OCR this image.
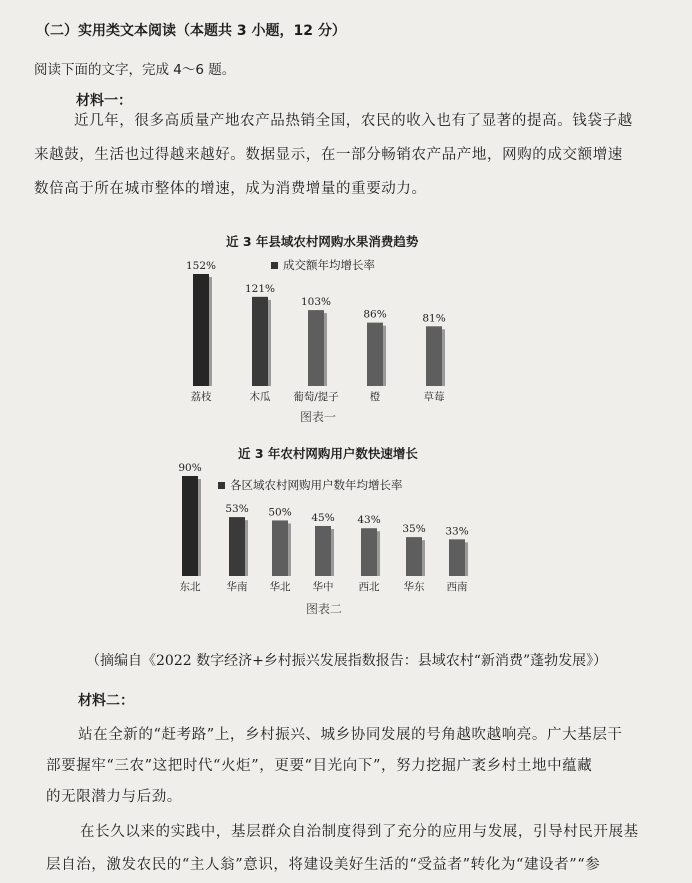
（二）实用类文本阅读（本题共 3 小题，12 分）
阅读下面的文字，完成 4～6 题。
材料一：
近几年，很多高质量产地农产品热销全国，农民的收入也有了显著的提高。钱袋子越
来越鼓，生活也过得越来越好。数据显示，在一部分畅销农产品产地，网购的成交额增速
数倍高于所在城市整体的增速，成为消费增量的重要动力。
近 3 年县域农村网购水果消费趋势
成交额年均增长率
152%
荔枝
121%
木瓜
103%
葡萄/提子
86%
橙
81%
草莓
图表一
近 3 年农村网购用户数快速增长
各区域农村网购用户数年均增长率
90%
东北
53%
华南
50%
华北
45%
华中
43%
西北
35%
华东
33%
西南
图表二
（摘编自《2022 数字经济+乡村振兴发展指数报告：县域农村“新消费”蓬勃发展》）
材料二：
站在全新的“赶考路”上，乡村振兴、城乡协同发展的号角越吹越响亮。广大基层干
部要握牢“三农”这把时代“火炬”，更要“目光向下”，努力挖掘广袤乡村土地中蕴藏
的无限潜力与后劲。
在长久以来的实践中，基层群众自治制度得到了充分的应用与发展，引导村民开展基
层自治，激发农民的“主人翁”意识，将建设美好生活的“受益者”转化为“建设者”“参
